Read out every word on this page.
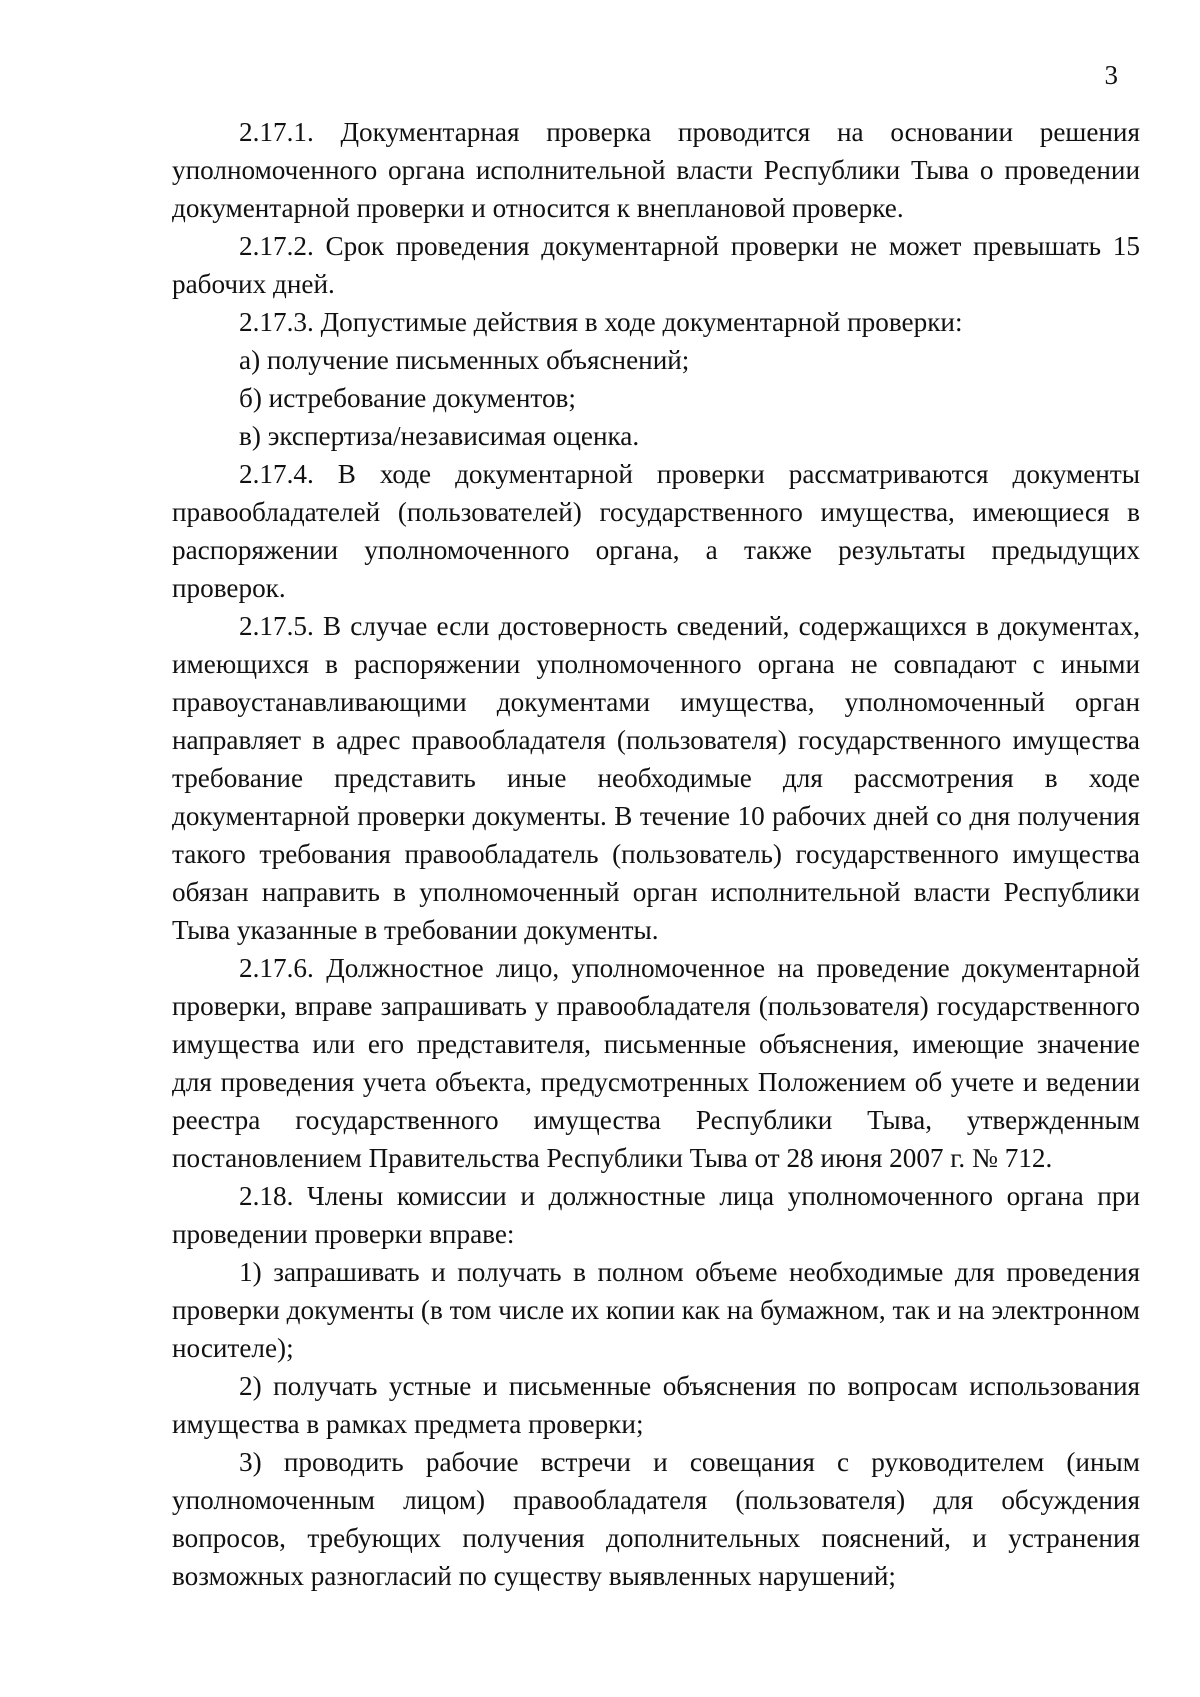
3

2.17.1. Документарная проверка проводится на основании решения уполномоченного органа исполнительной власти Республики Тыва о проведении документарной проверки и относится к внеплановой проверке.

2.17.2. Срок проведения документарной проверки не может превышать 15 рабочих дней.

2.17.3. Допустимые действия в ходе документарной проверки:

а) получение письменных объяснений;

б) истребование документов;

в) экспертиза/независимая оценка.

2.17.4. В ходе документарной проверки рассматриваются документы правообладателей (пользователей) государственного имущества, имеющиеся в распоряжении уполномоченного органа, а также результаты предыдущих проверок.

2.17.5. В случае если достоверность сведений, содержащихся в документах, имеющихся в распоряжении уполномоченного органа не совпадают с иными правоустанавливающими документами имущества, уполномоченный орган направляет в адрес правообладателя (пользователя) государственного имущества требование представить иные необходимые для рассмотрения в ходе документарной проверки документы. В течение 10 рабочих дней со дня получения такого требования правообладатель (пользователь) государственного имущества обязан направить в уполномоченный орган исполнительной власти Республики Тыва указанные в требовании документы.

2.17.6. Должностное лицо, уполномоченное на проведение документарной проверки, вправе запрашивать у правообладателя (пользователя) государственного имущества или его представителя, письменные объяснения, имеющие значение для проведения учета объекта, предусмотренных Положением об учете и ведении реестра государственного имущества Республики Тыва, утвержденным постановлением Правительства Республики Тыва от 28 июня 2007 г. № 712.

2.18. Члены комиссии и должностные лица уполномоченного органа при проведении проверки вправе:

1) запрашивать и получать в полном объеме необходимые для проведения проверки документы (в том числе их копии как на бумажном, так и на электронном носителе);

2) получать устные и письменные объяснения по вопросам использования имущества в рамках предмета проверки;

3) проводить рабочие встречи и совещания с руководителем (иным уполномоченным лицом) правообладателя (пользователя) для обсуждения вопросов, требующих получения дополнительных пояснений, и устранения возможных разногласий по существу выявленных нарушений;
